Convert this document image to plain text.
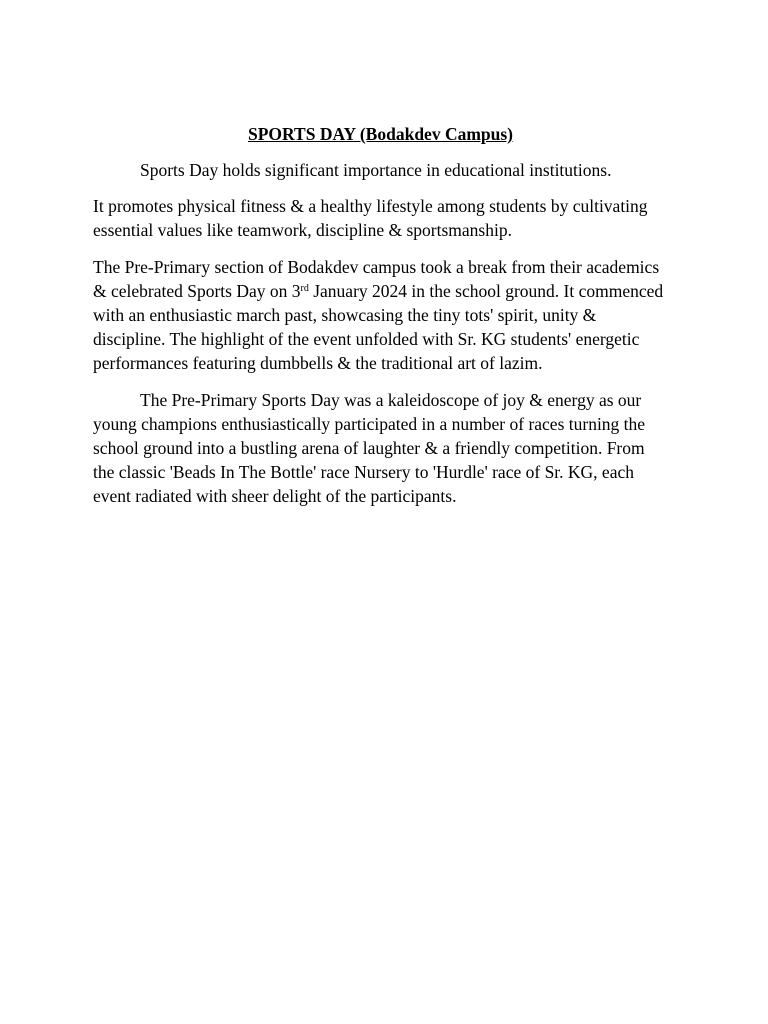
SPORTS DAY (Bodakdev Campus)

Sports Day holds significant importance in educational institutions.

It promotes physical fitness & a healthy lifestyle among students by cultivating essential values like teamwork, discipline & sportsmanship.

The Pre-Primary section of Bodakdev campus took a break from their academics & celebrated Sports Day on 3rd January 2024 in the school ground. It commenced with an enthusiastic march past, showcasing the tiny tots' spirit, unity & discipline. The highlight of the event unfolded with Sr. KG students' energetic performances featuring dumbbells & the traditional art of lazim.

The Pre-Primary Sports Day was a kaleidoscope of joy & energy as our young champions enthusiastically participated in a number of races turning the school ground into a bustling arena of laughter & a friendly competition. From the classic 'Beads In The Bottle' race Nursery to 'Hurdle' race of Sr. KG, each event radiated with sheer delight of the participants.
